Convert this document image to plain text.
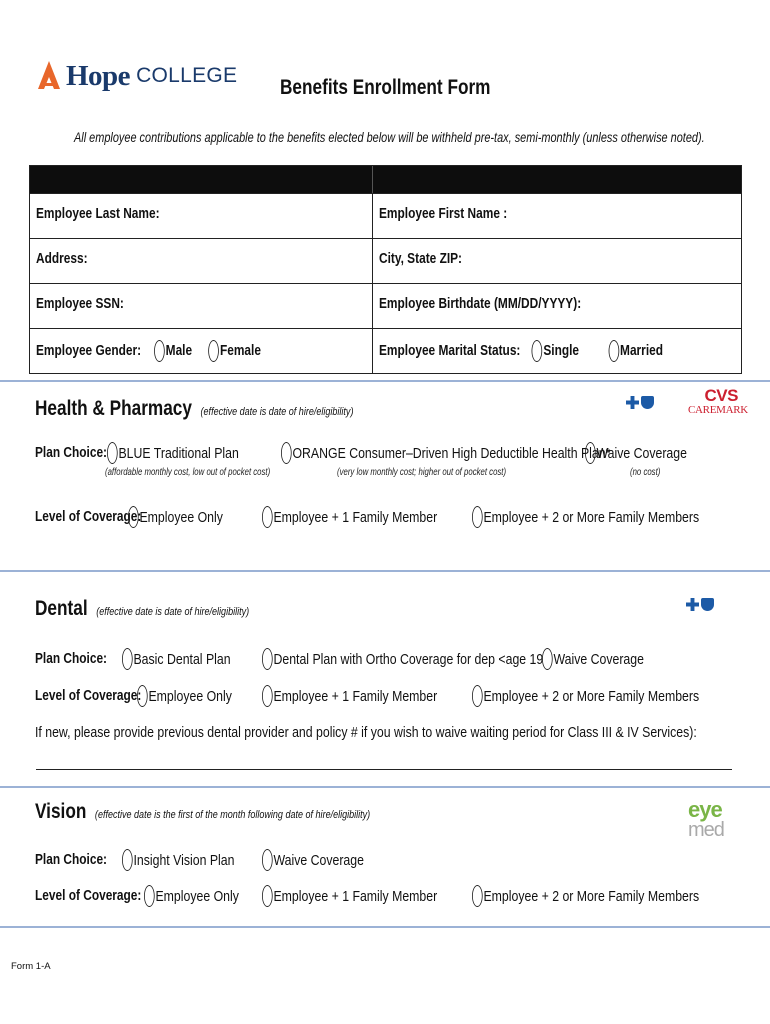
Hope COLLEGE
Benefits Enrollment Form
All employee contributions applicable to the benefits elected below will be withheld pre-tax, semi-monthly (unless otherwise noted).
Employee Last Name:	Employee First Name :
Address:	City, State ZIP:
Employee SSN:	Employee Birthdate (MM/DD/YYYY):
Employee Gender: Male Female	Employee Marital Status: Single	Married
Health & Pharmacy (effective date is date of hire/eligibility)
CVS
CAREMARK
Plan Choice: BLUE Traditional Plan
(affordable monthly cost, low out of pocket cost)
ORANGE Consumer–Driven High Deductible Health Plan*
(very low monthly cost; higher out of pocket cost)
Waive Coverage
(no cost)
Level of Coverage:
Employee Only	Employee + 1 Family Member	Employee + 2 or More Family Members
Dental (effective date is date of hire/eligibility)
Plan Choice: Basic Dental Plan	Dental Plan with Ortho Coverage for dep <age 19 Waive Coverage
Level of Coverage: Employee Only	Employee + 1 Family Member	Employee + 2 or More Family Members
If new, please provide previous dental provider and policy # if you wish to waive waiting period for Class III & IV Services):
Vision (effective date is the first of the month following date of hire/eligibility)	eye
med
Plan Choice: Insight Vision Plan	Waive Coverage
Level of Coverage: Employee Only Employee + 1 Family Member	Employee + 2 or More Family Members
Form 1-A
